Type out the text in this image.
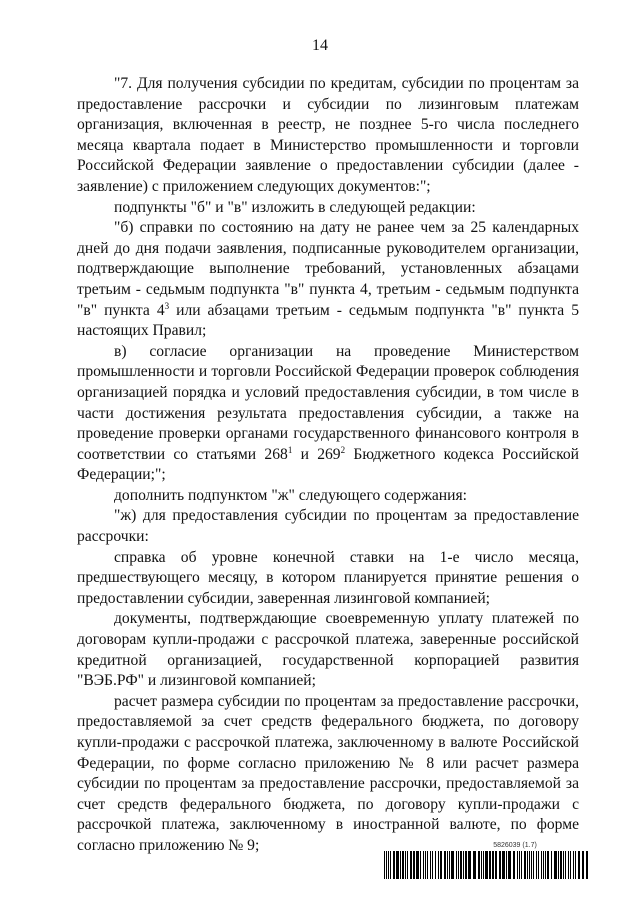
14

"7. Для получения субсидии по кредитам, субсидии по процентам за предоставление рассрочки и субсидии по лизинговым платежам организация, включенная в реестр, не позднее 5-го числа последнего месяца квартала подает в Министерство промышленности и торговли Российской Федерации заявление о предоставлении субсидии (далее - заявление) с приложением следующих документов:";

подпункты "б" и "в" изложить в следующей редакции:

"б) справки по состоянию на дату не ранее чем за 25 календарных дней до дня подачи заявления, подписанные руководителем организации, подтверждающие выполнение требований, установленных абзацами третьим - седьмым подпункта "в" пункта 4, третьим - седьмым подпункта "в" пункта $4^3$ или абзацами третьим - седьмым подпункта "в" пункта 5 настоящих Правил;

в) согласие организации на проведение Министерством промышленности и торговли Российской Федерации проверок соблюдения организацией порядка и условий предоставления субсидии, в том числе в части достижения результата предоставления субсидии, а также на проведение проверки органами государственного финансового контроля в соответствии со статьями $268^1$ и $269^2$ Бюджетного кодекса Российской Федерации;";

дополнить подпунктом "ж" следующего содержания:

"ж) для предоставления субсидии по процентам за предоставление рассрочки:

справка об уровне конечной ставки на 1-е число месяца, предшествующего месяцу, в котором планируется принятие решения о предоставлении субсидии, заверенная лизинговой компанией;

документы, подтверждающие своевременную уплату платежей по договорам купли-продажи с рассрочкой платежа, заверенные российской кредитной организацией, государственной корпорацией развития "ВЭБ.РФ" и лизинговой компанией;

расчет размера субсидии по процентам за предоставление рассрочки, предоставляемой за счет средств федерального бюджета, по договору купли-продажи с рассрочкой платежа, заключенному в валюте Российской Федерации, по форме согласно приложению № 8 или расчет размера субсидии по процентам за предоставление рассрочки, предоставляемой за счет средств федерального бюджета, по договору купли-продажи с рассрочкой платежа, заключенному в иностранной валюте, по форме согласно приложению № 9;	5826039 (1.7)
